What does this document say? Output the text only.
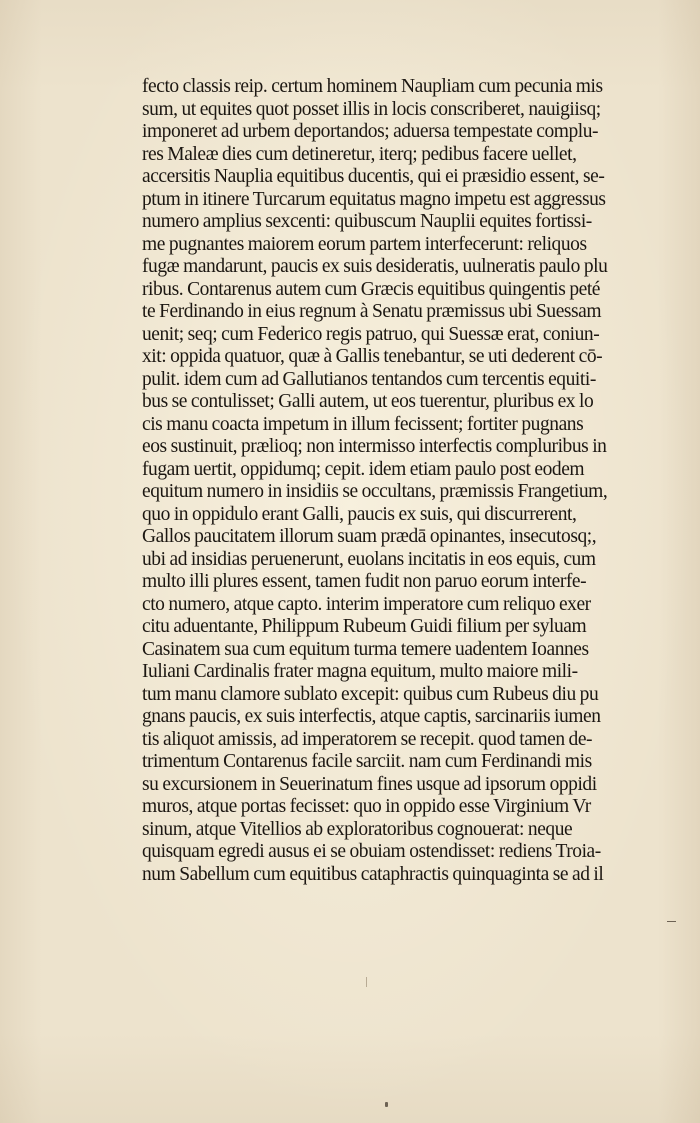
fecto classis reip. certum hominem Naupliam cum pecunia mis
sum, ut equites quot posset illis in locis conscriberet, nauigiisq;
imponeret ad urbem deportandos; aduersa tempestate complu-
res Maleæ dies cum detineretur, iterq; pedibus facere uellet,
accersitis Nauplia equitibus ducentis, qui ei præsidio essent, se-
ptum in itinere Turcarum equitatus magno impetu est aggressus
numero amplius sexcenti: quibuscum Nauplii equites fortissi-
me pugnantes maiorem eorum partem interfecerunt: reliquos
fugæ mandarunt, paucis ex suis desideratis, uulneratis paulo plu
ribus. Contarenus autem cum Græcis equitibus quingentis peté
te Ferdinando in eius regnum à Senatu præmissus ubi Suessam
uenit; seq; cum Federico regis patruo, qui Suessæ erat, coniun-
xit: oppida quatuor, quæ à Gallis tenebantur, se uti dederent cō-
pulit. idem cum ad Gallutianos tentandos cum tercentis equiti-
bus se contulisset; Galli autem, ut eos tuerentur, pluribus ex lo
cis manu coacta impetum in illum fecissent; fortiter pugnans
eos sustinuit, prælioq; non intermisso interfectis compluribus in
fugam uertit, oppidumq; cepit. idem etiam paulo post eodem
equitum numero in insidiis se occultans, præmissis Frangetium,
quo in oppidulo erant Galli, paucis ex suis, qui discurrerent,
Gallos paucitatem illorum suam prædā opinantes, insecutosq;,
ubi ad insidias peruenerunt, euolans incitatis in eos equis, cum
multo illi plures essent, tamen fudit non paruo eorum interfe-
cto numero, atque capto. interim imperatore cum reliquo exer
citu aduentante, Philippum Rubeum Guidi filium per syluam
Casinatem sua cum equitum turma temere uadentem Ioannes
Iuliani Cardinalis frater magna equitum, multo maiore mili-
tum manu clamore sublato excepit: quibus cum Rubeus diu pu
gnans paucis, ex suis interfectis, atque captis, sarcinariis iumen
tis aliquot amissis, ad imperatorem se recepit. quod tamen de-
trimentum Contarenus facile sarciit. nam cum Ferdinandi mis
su excursionem in Seuerinatum fines usque ad ipsorum oppidi
muros, atque portas fecisset: quo in oppido esse Virginium Vr
sinum, atque Vitellios ab exploratoribus cognouerat: neque
quisquam egredi ausus ei se obuiam ostendisset: rediens Troia-
num Sabellum cum equitibus cataphractis quinquaginta se ad il
